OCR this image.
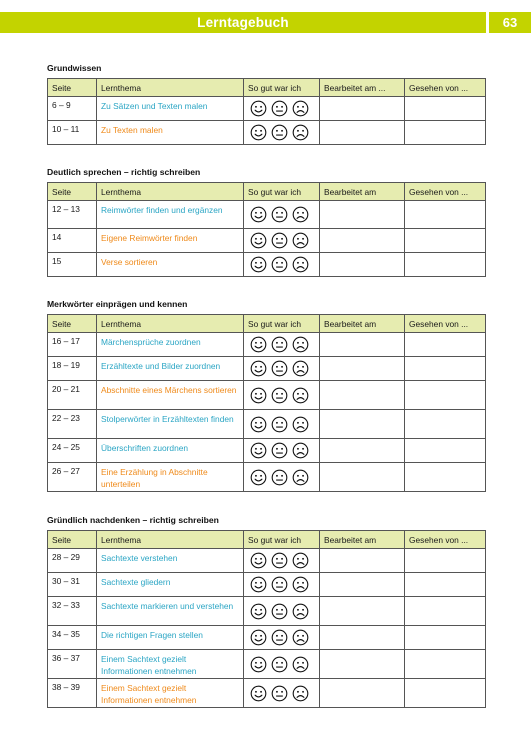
Lerntagebuch	63
Grundwissen
Seite	Lernthema	So gut war ich	Bearbeitet am ...	Gesehen von ...
6 – 9	Zu Sätzen und Texten malen	

10 – 11	Zu Texten malen	

Deutlich sprechen – richtig schreiben
Seite	Lernthema	So gut war ich	Bearbeitet am	Gesehen von ...
12 – 13	Reimwörter finden und ergänzen	

14	Eigene Reimwörter finden	

15	Verse sortieren	

Merkwörter einprägen und kennen
Seite	Lernthema	So gut war ich	Bearbeitet am	Gesehen von ...
16 – 17	Märchensprüche zuordnen	

18 – 19	Erzähltexte und Bilder zuordnen	

20 – 21	Abschnitte eines Märchens sortieren	

22 – 23	Stolperwörter in Erzähltexten finden	

24 – 25	Überschriften zuordnen	

26 – 27	Eine Erzählung in Abschnitte unterteilen	

Gründlich nachdenken – richtig schreiben
Seite	Lernthema	So gut war ich	Bearbeitet am	Gesehen von ...
28 – 29	Sachtexte verstehen	

30 – 31	Sachtexte gliedern	

32 – 33	Sachtexte markieren und verstehen	

34 – 35	Die richtigen Fragen stellen	

36 – 37	Einem Sachtext gezielt Informationen entnehmen	

38 – 39	Einem Sachtext gezielt Informationen entnehmen	
